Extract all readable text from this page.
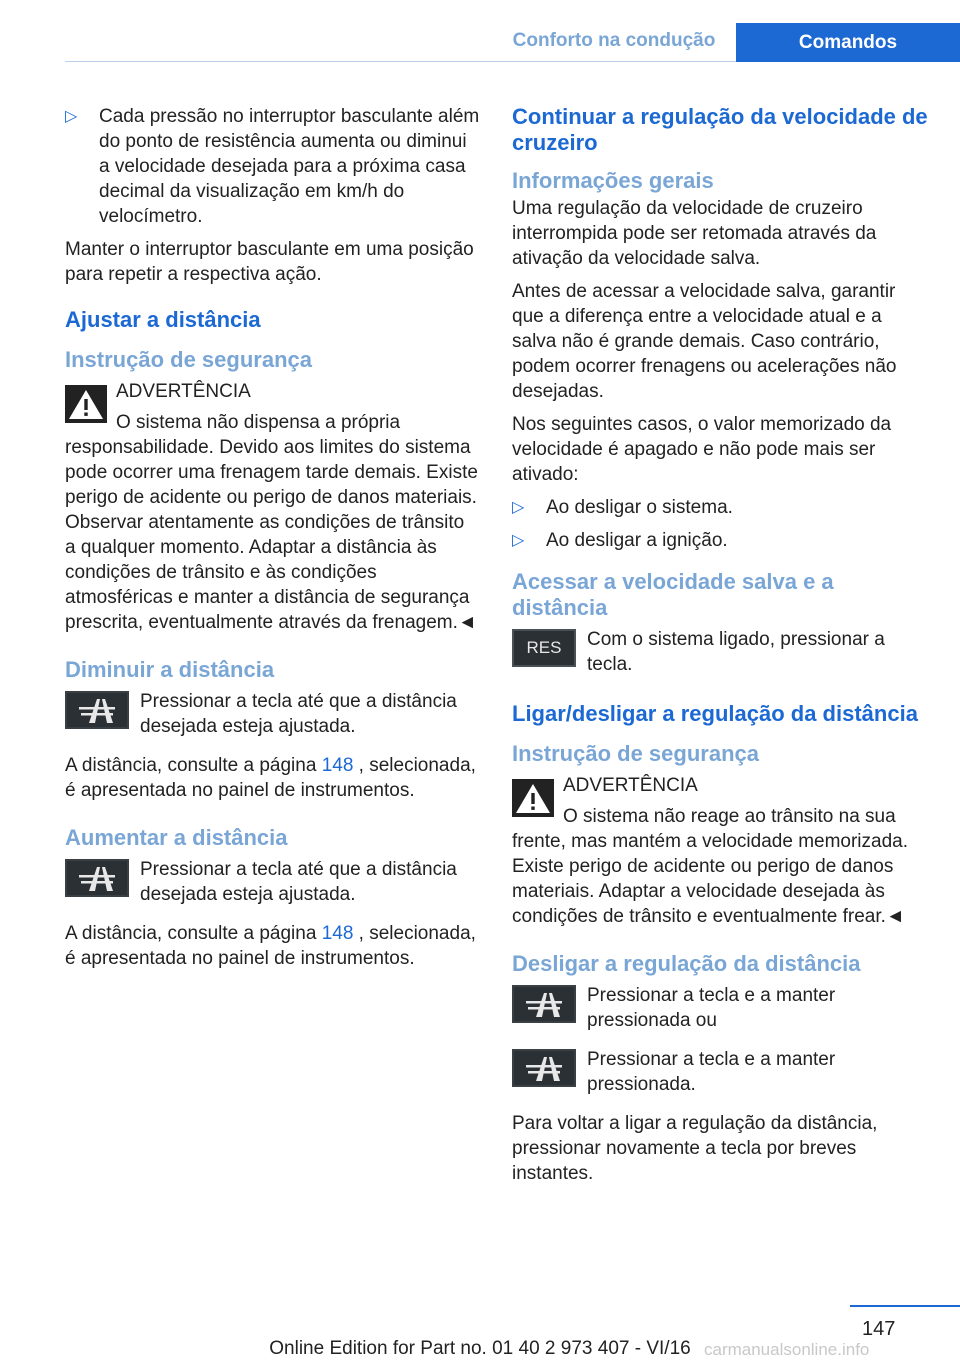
Conforto na condução	Comandos
▷ Cada pressão no interruptor basculante além do ponto de resistência aumenta ou diminui a velocidade desejada para a próxima casa decimal da visualização em km/h do velocímetro.

Manter o interruptor basculante em uma posição para repetir a respectiva ação.

Ajustar a distância
Instrução de segurança

ADVERTÊNCIA

O sistema não dispensa a própria responsabilidade. Devido aos limites do sistema pode ocorrer uma frenagem tarde demais. Existe perigo de acidente ou perigo de danos materiais. Observar atentamente as condições de trânsito a qualquer momento. Adaptar a distância às condições de trânsito e às condições atmosféricas e manter a distância de segurança prescrita, eventualmente através da frenagem.◄

Diminuir a distância
Pressionar a tecla até que a distância desejada esteja ajustada.

A distância, consulte a página 148 , selecionada, é apresentada no painel de instrumentos.

Aumentar a distância
Pressionar a tecla até que a distância desejada esteja ajustada.

A distância, consulte a página 148 , selecionada, é apresentada no painel de instrumentos.

Continuar a regulação da velocidade de cruzeiro
Informações gerais

Uma regulação da velocidade de cruzeiro interrompida pode ser retomada através da ativação da velocidade salva.

Antes de acessar a velocidade salva, garantir que a diferença entre a velocidade atual e a salva não é grande demais. Caso contrário, podem ocorrer frenagens ou acelerações não desejadas.

Nos seguintes casos, o valor memorizado da velocidade é apagado e não pode mais ser ativado:

▷ Ao desligar o sistema.
▷ Ao desligar a ignição.
Acessar a velocidade salva e a distância
RES	Com o sistema ligado, pressionar a tecla.
Ligar/desligar a regulação da distância
Instrução de segurança

ADVERTÊNCIA

O sistema não reage ao trânsito na sua frente, mas mantém a velocidade memorizada. Existe perigo de acidente ou perigo de danos materiais. Adaptar a velocidade desejada às condições de trânsito e eventualmente frear.◄

Desligar a regulação da distância
Pressionar a tecla e a manter pressionada ou
Pressionar a tecla e a manter pressionada.

Para voltar a ligar a regulação da distância, pressionar novamente a tecla por breves instantes.

147
Online Edition for Part no. 01 40 2 973 407 - VI/16 carmanualsonline.info
